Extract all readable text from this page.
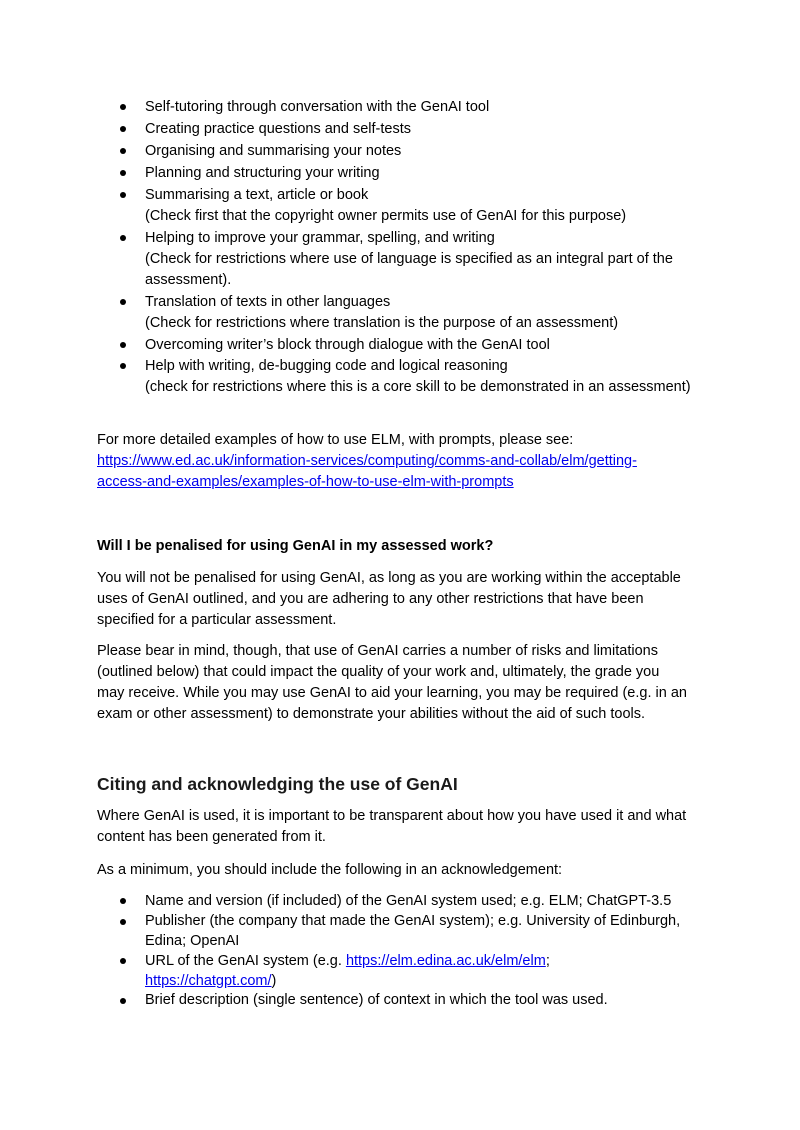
Self-tutoring through conversation with the GenAI tool
Creating practice questions and self-tests
Organising and summarising your notes
Planning and structuring your writing
Summarising a text, article or book
(Check first that the copyright owner permits use of GenAI for this purpose)
Helping to improve your grammar, spelling, and writing
(Check for restrictions where use of language is specified as an integral part of the
assessment).
Translation of texts in other languages
(Check for restrictions where translation is the purpose of an assessment)
Overcoming writer’s block through dialogue with the GenAI tool
Help with writing, de-bugging code and logical reasoning
(check for restrictions where this is a core skill to be demonstrated in an assessment)
For more detailed examples of how to use ELM, with prompts, please see:
https://www.ed.ac.uk/information-services/computing/comms-and-collab/elm/getting-
access-and-examples/examples-of-how-to-use-elm-with-prompts
Will I be penalised for using GenAI in my assessed work?
You will not be penalised for using GenAI, as long as you are working within the acceptable
uses of GenAI outlined, and you are adhering to any other restrictions that have been
specified for a particular assessment.
Please bear in mind, though, that use of GenAI carries a number of risks and limitations
(outlined below) that could impact the quality of your work and, ultimately, the grade you
may receive. While you may use GenAI to aid your learning, you may be required (e.g. in an
exam or other assessment) to demonstrate your abilities without the aid of such tools.
Citing and acknowledging the use of GenAI
Where GenAI is used, it is important to be transparent about how you have used it and what
content has been generated from it.
As a minimum, you should include the following in an acknowledgement:
Name and version (if included) of the GenAI system used; e.g. ELM; ChatGPT-3.5
Publisher (the company that made the GenAI system); e.g. University of Edinburgh,
Edina; OpenAI
URL of the GenAI system (e.g. https://elm.edina.ac.uk/elm/elm;
https://chatgpt.com/)
Brief description (single sentence) of context in which the tool was used.
